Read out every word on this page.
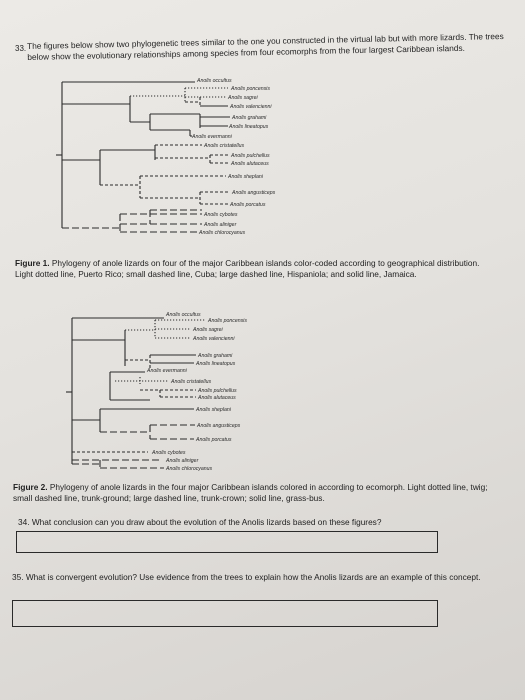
33. The figures below show two phylogenetic trees similar to the one you constructed in the virtual lab but with more lizards. The trees below show the evolutionary relationships among species from four ecomorphs from the four largest Caribbean islands.
Anolis occultus
Anolis poncensis
Anolis sagrei
Anolis valencienni
Anolis grahami
Anolis lineatopus
Anolis evermanni
Anolis cristatellus
Anolis pulchellus
Anolis alutaceus
Anolis sheplani
Anolis angusticeps
Anolis porcatus
Anolis cybotes
Anolis aliniger
Anolis chlorocyanus
Anolis occultus
Anolis poncensis
Anolis sagrei
Anolis valencienni
Anolis grahami
Anolis lineatopus
Anolis evermanni
Anolis cristatellus
Anolis pulchellus
Anolis alutaceus
Anolis sheplani
Anolis angusticeps
Anolis porcatus
Anolis cybotes
Anolis aliniger
Anolis chlorocyanus
Figure 1. Phylogeny of anole lizards on four of the major Caribbean islands color-coded according to geographical distribution. Light dotted line, Puerto Rico; small dashed line, Cuba; large dashed line, Hispaniola; and solid line, Jamaica.
Figure 2. Phylogeny of anole lizards in the four major Caribbean islands colored in according to ecomorph. Light dotted line, twig; small dashed line, trunk-ground; large dashed line, trunk-crown; solid line, grass-bus.
34. What conclusion can you draw about the evolution of the Anolis lizards based on these figures?
35. What is convergent evolution? Use evidence from the trees to explain how the Anolis lizards are an example of this concept.
